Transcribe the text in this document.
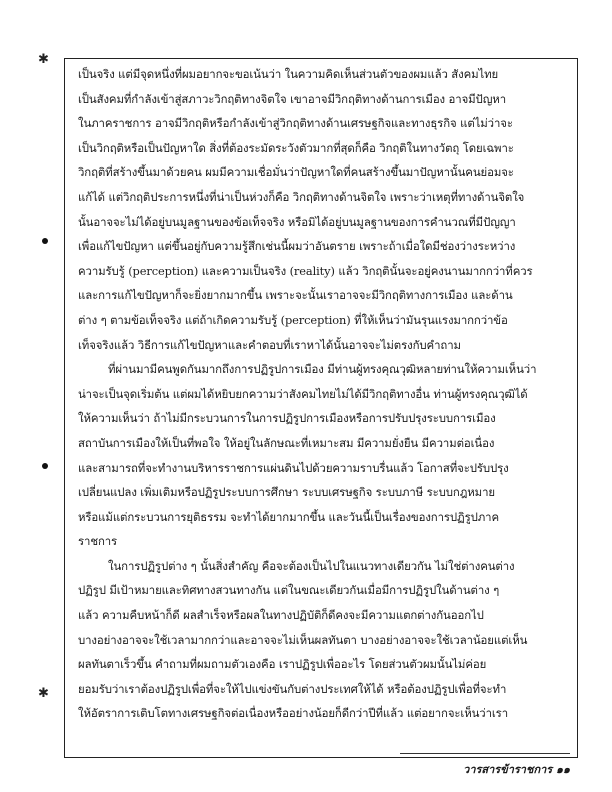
✱
✱
เป็นจริง แต่มีจุดหนึ่งที่ผมอยากจะขอเน้นว่า ในความคิดเห็นส่วนตัวของผมแล้ว สังคมไทย
เป็นสังคมที่กำลังเข้าสู่สภาวะวิกฤติทางจิตใจ เขาอาจมีวิกฤติทางด้านการเมือง อาจมีปัญหา
ในภาคราชการ อาจมีวิกฤติหรือกำลังเข้าสู่วิกฤติทางด้านเศรษฐกิจและทางธุรกิจ แต่ไม่ว่าจะ
เป็นวิกฤติหรือเป็นปัญหาใด สิ่งที่ต้องระมัดระวังตัวมากที่สุดก็คือ วิกฤติในทางวัตถุ โดยเฉพาะ
วิกฤติที่สร้างขึ้นมาด้วยคน ผมมีความเชื่อมั่นว่าปัญหาใดที่คนสร้างขึ้นมาปัญหานั้นคนย่อมจะ
แก้ได้ แต่วิกฤติประการหนึ่งที่น่าเป็นห่วงก็คือ วิกฤติทางด้านจิตใจ เพราะว่าเหตุที่ทางด้านจิตใจ
นั้นอาจจะไม่ได้อยู่บนมูลฐานของข้อเท็จจริง หรือมิได้อยู่บนมูลฐานของการคำนวณที่มีปัญญา
เพื่อแก้ไขปัญหา แต่ขึ้นอยู่กับความรู้สึกเช่นนี้ผมว่าอันตราย เพราะถ้าเมื่อใดมีช่องว่างระหว่าง
ความรับรู้ (perception) และความเป็นจริง (reality) แล้ว วิกฤตินั้นจะอยู่คงนานมากกว่าที่ควร
และการแก้ไขปัญหาก็จะยิ่งยากมากขึ้น เพราะจะนั้นเราอาจจะมีวิกฤติทางการเมือง และด้าน
ต่าง ๆ ตามข้อเท็จจริง แต่ถ้าเกิดความรับรู้ (perception) ที่ให้เห็นว่ามันรุนแรงมากกว่าข้อ
เท็จจริงแล้ว วิธีการแก้ไขปัญหาและคำตอบที่เราหาได้นั้นอาจจะไม่ตรงกับคำถาม
ที่ผ่านมามีคนพูดกันมากถึงการปฏิรูปการเมือง มีท่านผู้ทรงคุณวุฒิหลายท่านให้ความเห็นว่า
น่าจะเป็นจุดเริ่มต้น แต่ผมได้หยิบยกความว่าสังคมไทยไม่ได้มีวิกฤติทางอื่น ท่านผู้ทรงคุณวุฒิได้
ให้ความเห็นว่า ถ้าไม่มีกระบวนการในการปฏิรูปการเมืองหรือการปรับปรุงระบบการเมือง
สถาบันการเมืองให้เป็นที่พอใจ ให้อยู่ในลักษณะที่เหมาะสม มีความยั่งยืน มีความต่อเนื่อง
และสามารถที่จะทำงานบริหารราชการแผ่นดินไปด้วยความราบรื่นแล้ว โอกาสที่จะปรับปรุง
เปลี่ยนแปลง เพิ่มเติมหรือปฏิรูประบบการศึกษา ระบบเศรษฐกิจ ระบบภาษี ระบบกฎหมาย
หรือแม้แต่กระบวนการยุติธรรม จะทำได้ยากมากขึ้น และวันนี้เป็นเรื่องของการปฏิรูปภาค
ราชการ
ในการปฏิรูปต่าง ๆ นั้นสิ่งสำคัญ คือจะต้องเป็นไปในแนวทางเดียวกัน ไม่ใช่ต่างคนต่าง
ปฏิรูป มีเป้าหมายและทิศทางสวนทางกัน แต่ในขณะเดียวกันเมื่อมีการปฏิรูปในด้านต่าง ๆ
แล้ว ความคืบหน้าก็ดี ผลสำเร็จหรือผลในทางปฏิบัติก็ดีคงจะมีความแตกต่างกันออกไป
บางอย่างอาจจะใช้เวลามากกว่าและอาจจะไม่เห็นผลทันตา บางอย่างอาจจะใช้เวลาน้อยแต่เห็น
ผลทันตาเร็วขึ้น คำถามที่ผมถามตัวเองคือ เราปฏิรูปเพื่ออะไร โดยส่วนตัวผมนั้นไม่ค่อย
ยอมรับว่าเราต้องปฏิรูปเพื่อที่จะให้ไปแข่งขันกับต่างประเทศให้ได้ หรือต้องปฏิรูปเพื่อที่จะทำ
ให้อัตราการเติบโตทางเศรษฐกิจต่อเนื่องหรืออย่างน้อยก็ดีกว่าปีที่แล้ว แต่อยากจะเห็นว่าเรา
วารสารข้าราชการ ๑๑
